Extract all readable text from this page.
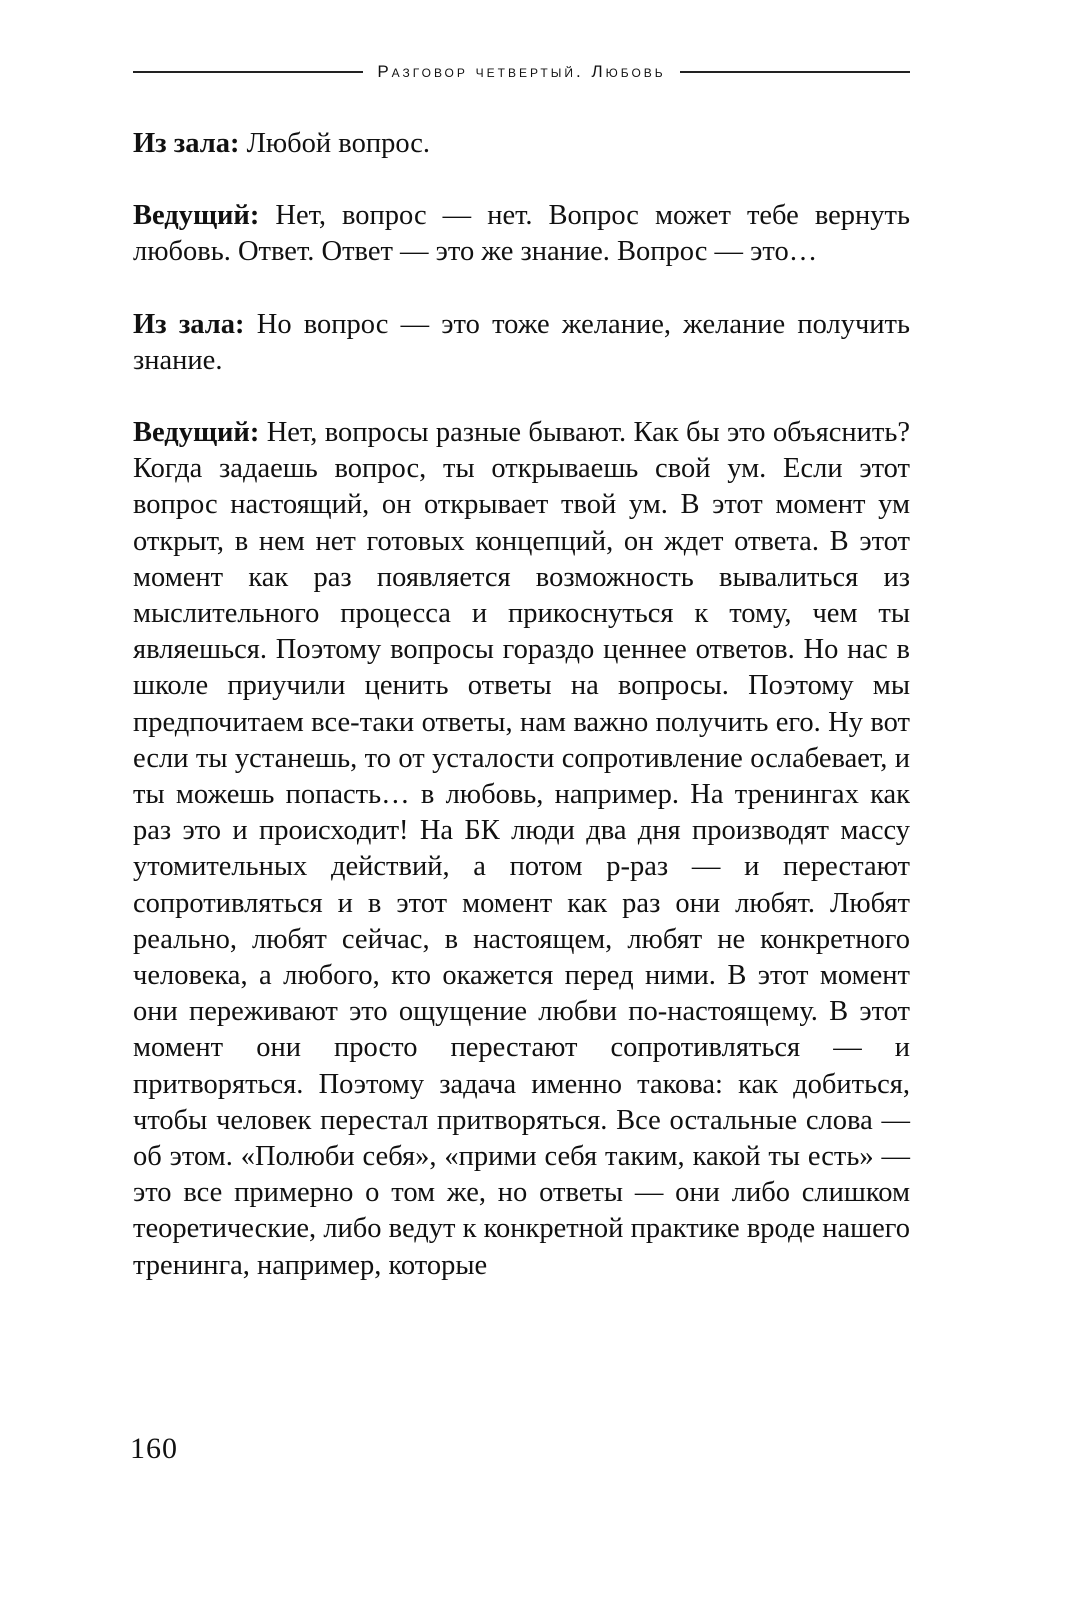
Разговор четвертый. Любовь

Из зала: Любой вопрос.

Ведущий: Нет, вопрос — нет. Вопрос может тебе вернуть любовь. Ответ. Ответ — это же знание. Вопрос — это…

Из зала: Но вопрос — это тоже желание, желание получить знание.

Ведущий: Нет, вопросы разные бывают. Как бы это объяснить? Когда задаешь вопрос, ты открываешь свой ум. Если этот вопрос настоящий, он открывает твой ум. В этот момент ум открыт, в нем нет готовых концепций, он ждет ответа. В этот момент как раз появляется возможность вывалиться из мыслительного процесса и прикоснуться к тому, чем ты являешься. Поэтому вопросы гораздо ценнее ответов. Но нас в школе приучили ценить ответы на вопросы. Поэтому мы предпочитаем все-таки ответы, нам важно получить его. Ну вот если ты устанешь, то от усталости сопротивление ослабевает, и ты можешь попасть… в любовь, например. На тренингах как раз это и происходит! На БК люди два дня производят массу утомительных действий, а потом р-раз — и перестают сопротивляться и в этот момент как раз они любят. Любят реально, любят сейчас, в настоящем, любят не конкретного человека, а любого, кто окажется перед ними. В этот момент они переживают это ощущение любви по-настоящему. В этот момент они просто перестают сопротивляться — и притворяться. Поэтому задача именно такова: как добиться, чтобы человек перестал притворяться. Все остальные слова — об этом. «Полюби себя», «прими себя таким, какой ты есть» — это все примерно о том же, но ответы — они либо слишком теоретические, либо ведут к конкретной практике вроде нашего тренинга, например, которые

160
